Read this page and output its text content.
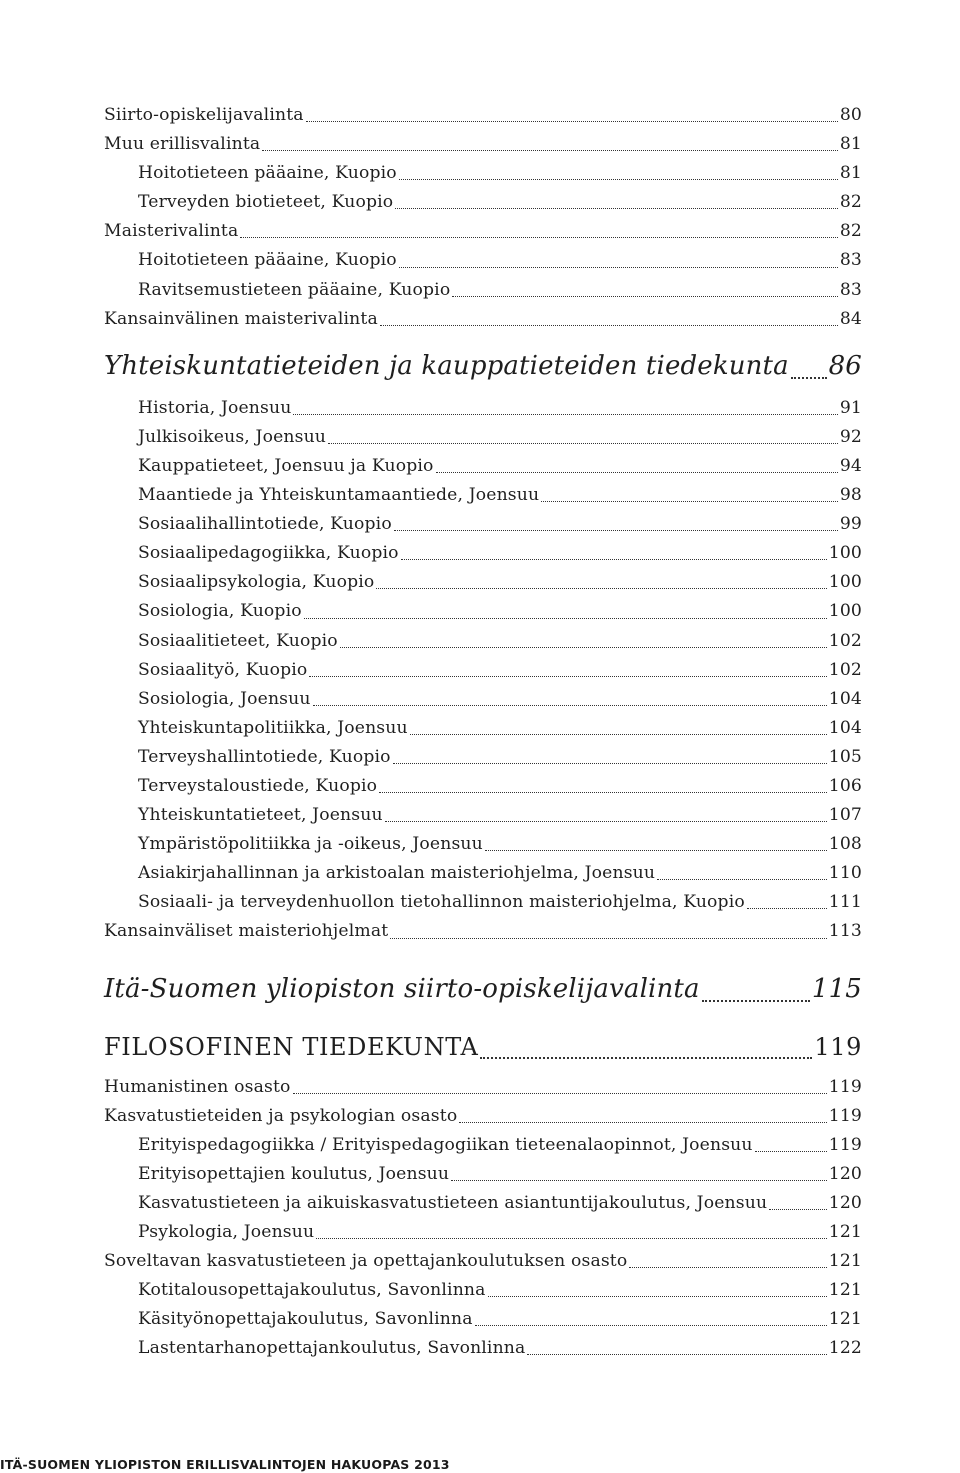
Siirto-opiskelijavalinta	80
Muu erillisvalinta	81
Hoitotieteen pääaine, Kuopio	81
Terveyden biotieteet, Kuopio	82
Maisterivalinta	82
Hoitotieteen pääaine, Kuopio	83
Ravitsemustieteen pääaine, Kuopio	83
Kansainvälinen maisterivalinta	84
Yhteiskuntatieteiden ja kauppatieteiden tiedekunta 86
Historia, Joensuu	91
Julkisoikeus, Joensuu	92
Kauppatieteet, Joensuu ja Kuopio	94
Maantiede ja Yhteiskuntamaantiede, Joensuu	98
Sosiaalihallintotiede, Kuopio	99
Sosiaalipedagogiikka, Kuopio	100
Sosiaalipsykologia, Kuopio	100
Sosiologia, Kuopio	100
Sosiaalitieteet, Kuopio	102
Sosiaalityö, Kuopio	102
Sosiologia, Joensuu	104
Yhteiskuntapolitiikka, Joensuu	104
Terveyshallintotiede, Kuopio	105
Terveystaloustiede, Kuopio	106
Yhteiskuntatieteet, Joensuu	107
Ympäristöpolitiikka ja -oikeus, Joensuu	108
Asiakirjahallinnan ja arkistoalan maisteriohjelma, Joensuu	110
Sosiaali- ja terveydenhuollon tietohallinnon maisteriohjelma, Kuopio	111
Kansainväliset maisteriohjelmat	113
Itä-Suomen yliopiston siirto-opiskelijavalinta	115
FILOSOFINEN TIEDEKUNTA	119
Humanistinen osasto	119
Kasvatustieteiden ja psykologian osasto	119
Erityispedagogiikka / Erityispedagogiikan tieteenalaopinnot, Joensuu	119
Erityisopettajien koulutus, Joensuu	120
Kasvatustieteen ja aikuiskasvatustieteen asiantuntijakoulutus, Joensuu	120
Psykologia, Joensuu	121
Soveltavan kasvatustieteen ja opettajankoulutuksen osasto	121
Kotitalousopettajakoulutus, Savonlinna	121
Käsityönopettajakoulutus, Savonlinna	121
Lastentarhanopettajankoulutus, Savonlinna	122
ITÄ-SUOMEN YLIOPISTON ERILLISVALINTOJEN HAKUOPAS 2013
